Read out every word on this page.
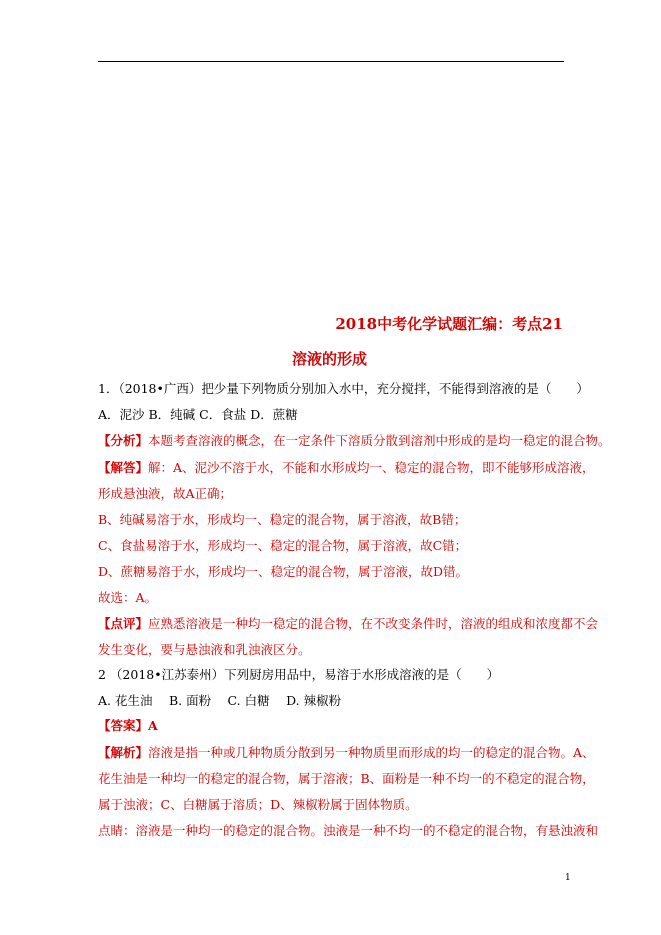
2018中考化学试题汇编：考点21
溶液的形成
1．（2018•广西）把少量下列物质分别加入水中，充分搅拌，不能得到溶液的是（　　）
A．泥沙 B．纯碱 C．食盐 D．蔗糖
【分析】本题考查溶液的概念，在一定条件下溶质分散到溶剂中形成的是均一稳定的混合物。
【解答】解：A、泥沙不溶于水，不能和水形成均一、稳定的混合物，即不能够形成溶液，
形成悬浊液，故A正确；
B、纯碱易溶于水，形成均一、稳定的混合物，属于溶液，故B错；
C、食盐易溶于水，形成均一、稳定的混合物，属于溶液，故C错；
D、蔗糖易溶于水，形成均一、稳定的混合物，属于溶液，故D错。
故选：A。
【点评】应熟悉溶液是一种均一稳定的混合物，在不改变条件时，溶液的组成和浓度都不会
发生变化，要与悬浊液和乳浊液区分。
2 （2018•江苏泰州）下列厨房用品中，易溶于水形成溶液的是（　　）
A. 花生油　 B. 面粉　 C. 白糖　 D. 辣椒粉
【答案】A
【解析】溶液是指一种或几种物质分散到另一种物质里而形成的均一的稳定的混合物。A、
花生油是一种均一的稳定的混合物，属于溶液；B、面粉是一种不均一的不稳定的混合物，
属于浊液；C、白糖属于溶质；D、辣椒粉属于固体物质。
点睛：溶液是一种均一的稳定的混合物。浊液是一种不均一的不稳定的混合物，有悬浊液和
1
